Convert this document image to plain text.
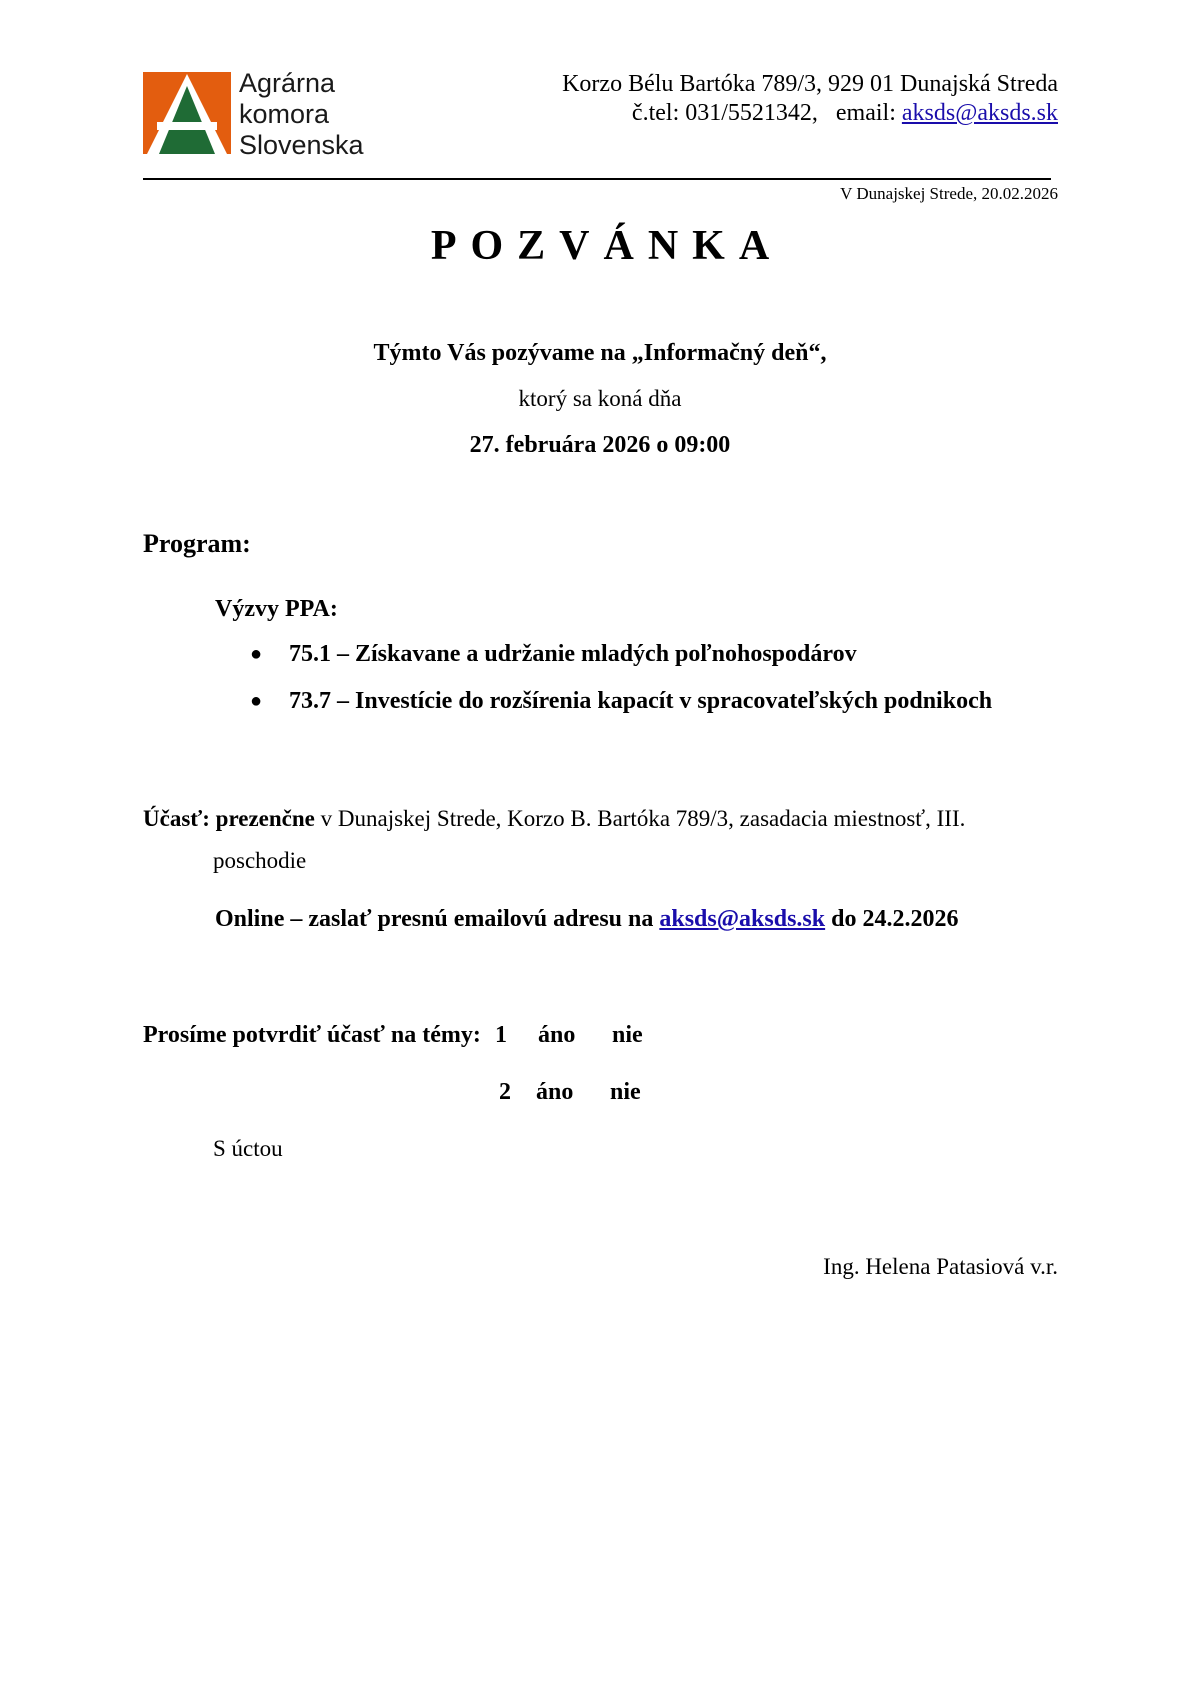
Agrárna
komora
Slovenska
Korzo Bélu Bartóka 789/3, 929 01 Dunajská Streda
č.tel: 031/5521342, email: aksds@aksds.sk
V Dunajskej Strede, 20.02.2026
POZVÁNKA
Týmto Vás pozývame na „Informačný deň“,
ktorý sa koná dňa
27. februára 2026 o 09:00
Program:
Výzvy PPA:
● 75.1 – Získavane a udržanie mladých poľnohospodárov
● 73.7 – Investície do rozšírenia kapacít v spracovateľských podnikoch
Účasť: prezenčne v Dunajskej Strede, Korzo B. Bartóka 789/3, zasadacia miestnosť, III.
poschodie
Online – zaslať presnú emailovú adresu na aksds@aksds.sk do 24.2.2026
Prosíme potvrdiť účasť na témy: 1 áno nie
2 áno nie
S úctou
Ing. Helena Patasiová v.r.
